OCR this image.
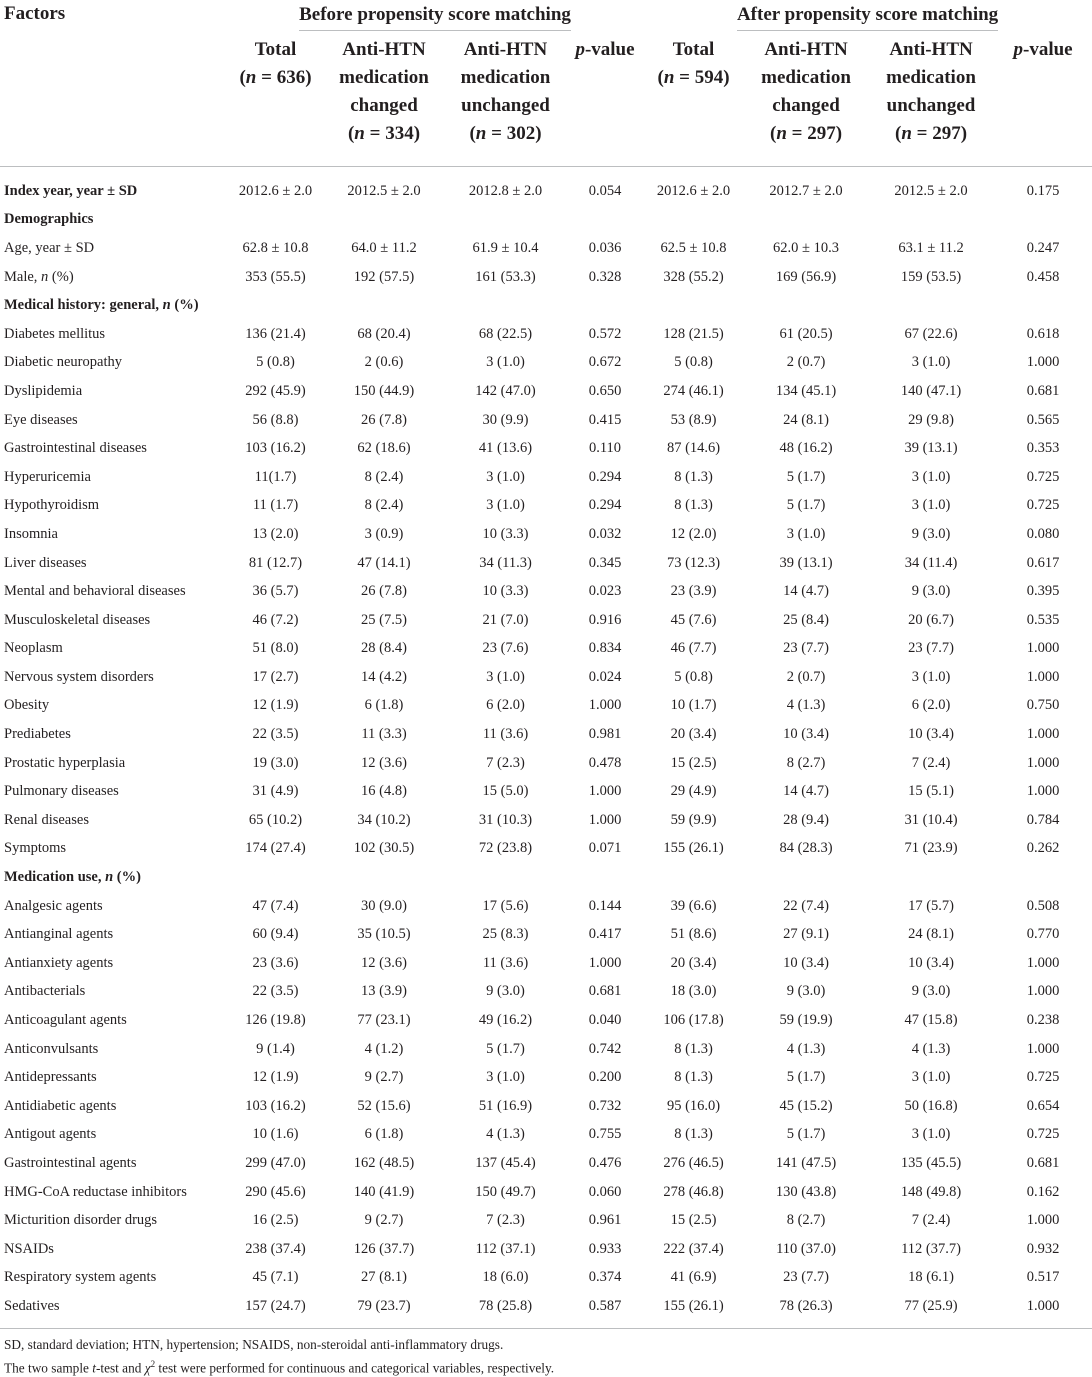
Factors	Before propensity score matching				After propensity score matching			

	Total
(n = 636)	Anti-HTN
medication
changed
(n = 334)	Anti-HTN
medication
unchanged
(n = 302)	p-value	Total
(n = 594)	Anti-HTN
medication
changed
(n = 297)	Anti-HTN
medication
unchanged
(n = 297)	p-value

Index year, year ± SD	2012.6 ± 2.0	2012.5 ± 2.0	2012.8 ± 2.0	0.054	2012.6 ± 2.0	2012.7 ± 2.0	2012.5 ± 2.0	0.175
Demographics								
Age, year ± SD	62.8 ± 10.8	64.0 ± 11.2	61.9 ± 10.4	0.036	62.5 ± 10.8	62.0 ± 10.3	63.1 ± 11.2	0.247
Male, n (%)	353 (55.5)	192 (57.5)	161 (53.3)	0.328	328 (55.2)	169 (56.9)	159 (53.5)	0.458
Medical history: general, n (%)								
Diabetes mellitus	136 (21.4)	68 (20.4)	68 (22.5)	0.572	128 (21.5)	61 (20.5)	67 (22.6)	0.618
Diabetic neuropathy	5 (0.8)	2 (0.6)	3 (1.0)	0.672	5 (0.8)	2 (0.7)	3 (1.0)	1.000
Dyslipidemia	292 (45.9)	150 (44.9)	142 (47.0)	0.650	274 (46.1)	134 (45.1)	140 (47.1)	0.681
Eye diseases	56 (8.8)	26 (7.8)	30 (9.9)	0.415	53 (8.9)	24 (8.1)	29 (9.8)	0.565
Gastrointestinal diseases	103 (16.2)	62 (18.6)	41 (13.6)	0.110	87 (14.6)	48 (16.2)	39 (13.1)	0.353
Hyperuricemia	11(1.7)	8 (2.4)	3 (1.0)	0.294	8 (1.3)	5 (1.7)	3 (1.0)	0.725
Hypothyroidism	11 (1.7)	8 (2.4)	3 (1.0)	0.294	8 (1.3)	5 (1.7)	3 (1.0)	0.725
Insomnia	13 (2.0)	3 (0.9)	10 (3.3)	0.032	12 (2.0)	3 (1.0)	9 (3.0)	0.080
Liver diseases	81 (12.7)	47 (14.1)	34 (11.3)	0.345	73 (12.3)	39 (13.1)	34 (11.4)	0.617
Mental and behavioral diseases	36 (5.7)	26 (7.8)	10 (3.3)	0.023	23 (3.9)	14 (4.7)	9 (3.0)	0.395
Musculoskeletal diseases	46 (7.2)	25 (7.5)	21 (7.0)	0.916	45 (7.6)	25 (8.4)	20 (6.7)	0.535
Neoplasm	51 (8.0)	28 (8.4)	23 (7.6)	0.834	46 (7.7)	23 (7.7)	23 (7.7)	1.000
Nervous system disorders	17 (2.7)	14 (4.2)	3 (1.0)	0.024	5 (0.8)	2 (0.7)	3 (1.0)	1.000
Obesity	12 (1.9)	6 (1.8)	6 (2.0)	1.000	10 (1.7)	4 (1.3)	6 (2.0)	0.750
Prediabetes	22 (3.5)	11 (3.3)	11 (3.6)	0.981	20 (3.4)	10 (3.4)	10 (3.4)	1.000
Prostatic hyperplasia	19 (3.0)	12 (3.6)	7 (2.3)	0.478	15 (2.5)	8 (2.7)	7 (2.4)	1.000
Pulmonary diseases	31 (4.9)	16 (4.8)	15 (5.0)	1.000	29 (4.9)	14 (4.7)	15 (5.1)	1.000
Renal diseases	65 (10.2)	34 (10.2)	31 (10.3)	1.000	59 (9.9)	28 (9.4)	31 (10.4)	0.784
Symptoms	174 (27.4)	102 (30.5)	72 (23.8)	0.071	155 (26.1)	84 (28.3)	71 (23.9)	0.262
Medication use, n (%)								
Analgesic agents	47 (7.4)	30 (9.0)	17 (5.6)	0.144	39 (6.6)	22 (7.4)	17 (5.7)	0.508
Antianginal agents	60 (9.4)	35 (10.5)	25 (8.3)	0.417	51 (8.6)	27 (9.1)	24 (8.1)	0.770
Antianxiety agents	23 (3.6)	12 (3.6)	11 (3.6)	1.000	20 (3.4)	10 (3.4)	10 (3.4)	1.000
Antibacterials	22 (3.5)	13 (3.9)	9 (3.0)	0.681	18 (3.0)	9 (3.0)	9 (3.0)	1.000
Anticoagulant agents	126 (19.8)	77 (23.1)	49 (16.2)	0.040	106 (17.8)	59 (19.9)	47 (15.8)	0.238
Anticonvulsants	9 (1.4)	4 (1.2)	5 (1.7)	0.742	8 (1.3)	4 (1.3)	4 (1.3)	1.000
Antidepressants	12 (1.9)	9 (2.7)	3 (1.0)	0.200	8 (1.3)	5 (1.7)	3 (1.0)	0.725
Antidiabetic agents	103 (16.2)	52 (15.6)	51 (16.9)	0.732	95 (16.0)	45 (15.2)	50 (16.8)	0.654
Antigout agents	10 (1.6)	6 (1.8)	4 (1.3)	0.755	8 (1.3)	5 (1.7)	3 (1.0)	0.725
Gastrointestinal agents	299 (47.0)	162 (48.5)	137 (45.4)	0.476	276 (46.5)	141 (47.5)	135 (45.5)	0.681
HMG-CoA reductase inhibitors	290 (45.6)	140 (41.9)	150 (49.7)	0.060	278 (46.8)	130 (43.8)	148 (49.8)	0.162
Micturition disorder drugs	16 (2.5)	9 (2.7)	7 (2.3)	0.961	15 (2.5)	8 (2.7)	7 (2.4)	1.000
NSAIDs	238 (37.4)	126 (37.7)	112 (37.1)	0.933	222 (37.4)	110 (37.0)	112 (37.7)	0.932
Respiratory system agents	45 (7.1)	27 (8.1)	18 (6.0)	0.374	41 (6.9)	23 (7.7)	18 (6.1)	0.517
Sedatives	157 (24.7)	79 (23.7)	78 (25.8)	0.587	155 (26.1)	78 (26.3)	77 (25.9)	1.000
SD, standard deviation; HTN, hypertension; NSAIDS, non-steroidal anti-inflammatory drugs.
The two sample t-test and $\chi^2$ test were performed for continuous and categorical variables, respectively.
